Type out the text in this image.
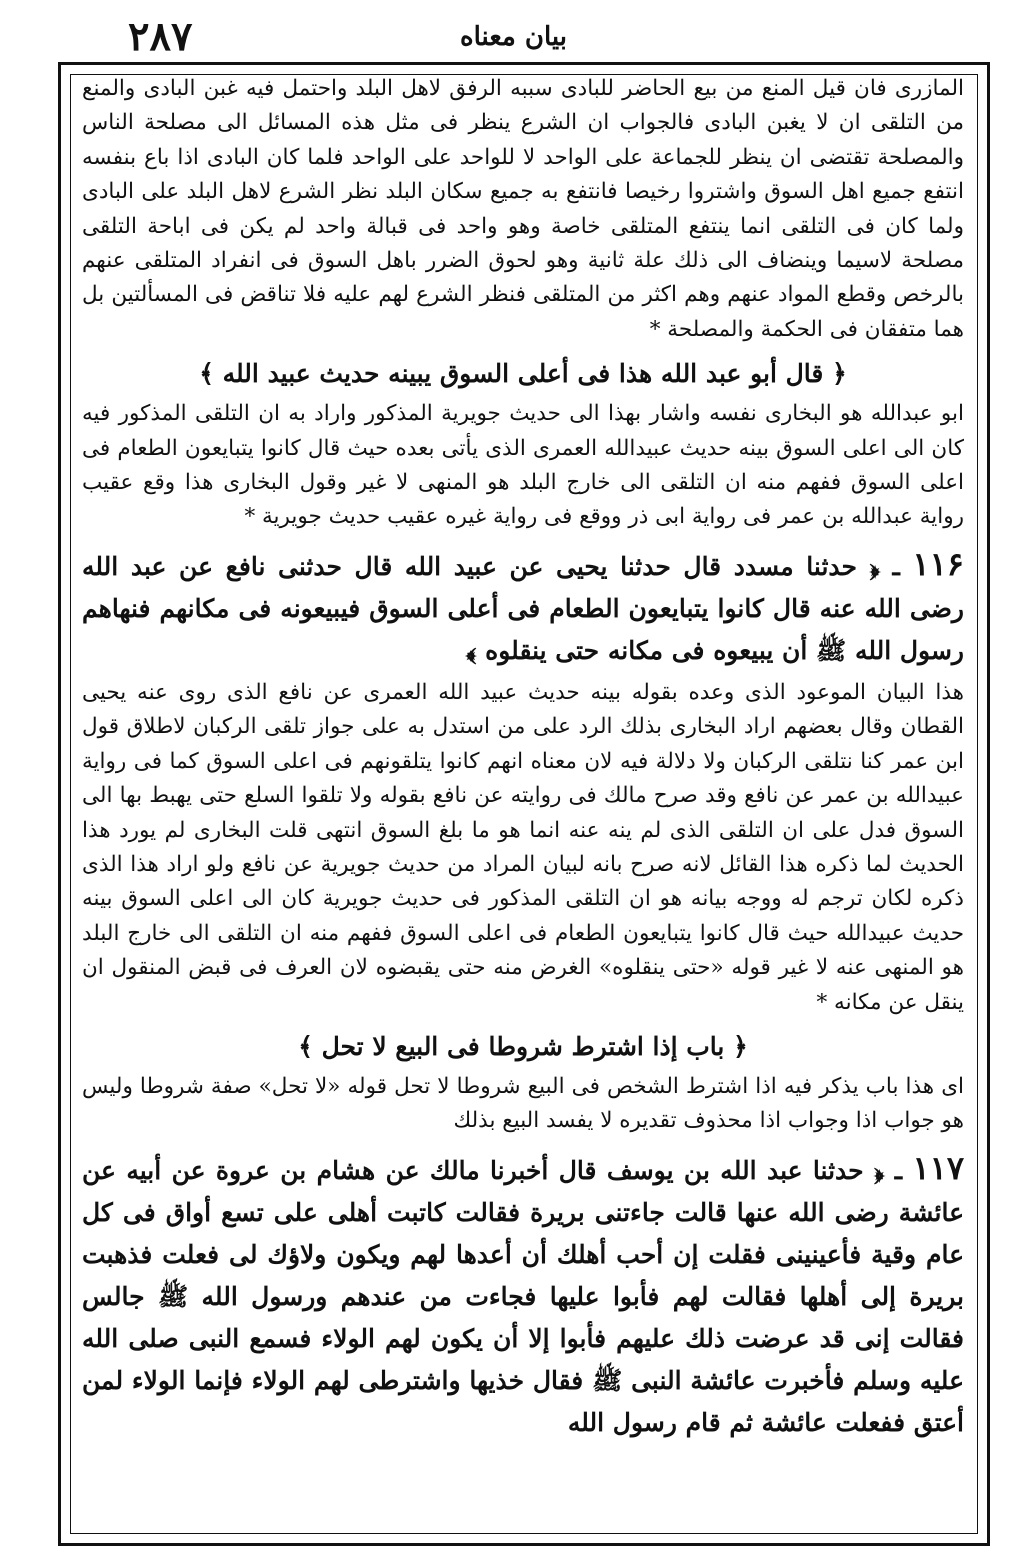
۲۸۷	بيان معناه

المازرى فان قيل المنع من بيع الحاضر للبادى سببه الرفق لاهل البلد واحتمل فيه غبن البادى والمنع من التلقى ان لا يغبن البادى فالجواب ان الشرع ينظر فى مثل هذه المسائل الى مصلحة الناس والمصلحة تقتضى ان ينظر للجماعة على الواحد لا للواحد على الواحد فلما كان البادى اذا باع بنفسه انتفع جميع اهل السوق واشتروا رخيصا فانتفع به جميع سكان البلد نظر الشرع لاهل البلد على البادى ولما كان فى التلقى انما ينتفع المتلقى خاصة وهو واحد فى قبالة واحد لم يكن فى اباحة التلقى مصلحة لاسيما وينضاف الى ذلك علة ثانية وهو لحوق الضرر باهل السوق فى انفراد المتلقى عنهم بالرخص وقطع المواد عنهم وهم اكثر من المتلقى فنظر الشرع لهم عليه فلا تناقض فى المسألتين بل هما متفقان فى الحكمة والمصلحة *

﴿ قال أبو عبد الله هذا فى أعلى السوق يبينه حديث عبيد الله ﴾

ابو عبدالله هو البخارى نفسه واشار بهذا الى حديث جويرية المذكور واراد به ان التلقى المذكور فيه كان الى اعلى السوق بينه حديث عبيدالله العمرى الذى يأتى بعده حيث قال كانوا يتبايعون الطعام فى اعلى السوق ففهم منه ان التلقى الى خارج البلد هو المنهى لا غير وقول البخارى هذا وقع عقيب رواية عبدالله بن عمر فى رواية ابى ذر ووقع فى رواية غيره عقيب حديث جويرية *

۱۱۶ ـ ﴿ حدثنا مسدد قال حدثنا يحيى عن عبيد الله قال حدثنى نافع عن عبد الله رضى الله عنه قال كانوا يتبايعون الطعام فى أعلى السوق فيبيعونه فى مكانهم فنهاهم رسول الله ﷺ أن يبيعوه فى مكانه حتى ينقلوه ﴾

هذا البيان الموعود الذى وعده بقوله بينه حديث عبيد الله العمرى عن نافع الذى روى عنه يحيى القطان وقال بعضهم اراد البخارى بذلك الرد على من استدل به على جواز تلقى الركبان لاطلاق قول ابن عمر كنا نتلقى الركبان ولا دلالة فيه لان معناه انهم كانوا يتلقونهم فى اعلى السوق كما فى رواية عبيدالله بن عمر عن نافع وقد صرح مالك فى روايته عن نافع بقوله ولا تلقوا السلع حتى يهبط بها الى السوق فدل على ان التلقى الذى لم ينه عنه انما هو ما بلغ السوق انتهى قلت البخارى لم يورد هذا الحديث لما ذكره هذا القائل لانه صرح بانه لبيان المراد من حديث جويرية عن نافع ولو اراد هذا الذى ذكره لكان ترجم له ووجه بيانه هو ان التلقى المذكور فى حديث جويرية كان الى اعلى السوق بينه حديث عبيدالله حيث قال كانوا يتبايعون الطعام فى اعلى السوق ففهم منه ان التلقى الى خارج البلد هو المنهى عنه لا غير قوله «حتى ينقلوه» الغرض منه حتى يقبضوه لان العرف فى قبض المنقول ان ينقل عن مكانه *

﴿ باب إذا اشترط شروطا فى البيع لا تحل ﴾

اى هذا باب يذكر فيه اذا اشترط الشخص فى البيع شروطا لا تحل قوله «لا تحل» صفة شروطا وليس هو جواب اذا وجواب اذا محذوف تقديره لا يفسد البيع بذلك

۱۱۷ ـ ﴿ حدثنا عبد الله بن يوسف قال أخبرنا مالك عن هشام بن عروة عن أبيه عن عائشة رضى الله عنها قالت جاءتنى بريرة فقالت كاتبت أهلى على تسع أواق فى كل عام وقية فأعينينى فقلت إن أحب أهلك أن أعدها لهم ويكون ولاؤك لى فعلت فذهبت بريرة إلى أهلها فقالت لهم فأبوا عليها فجاءت من عندهم ورسول الله ﷺ جالس فقالت إنى قد عرضت ذلك عليهم فأبوا إلا أن يكون لهم الولاء فسمع النبى صلى الله عليه وسلم فأخبرت عائشة النبى ﷺ فقال خذيها واشترطى لهم الولاء فإنما الولاء لمن أعتق ففعلت عائشة ثم قام رسول الله
